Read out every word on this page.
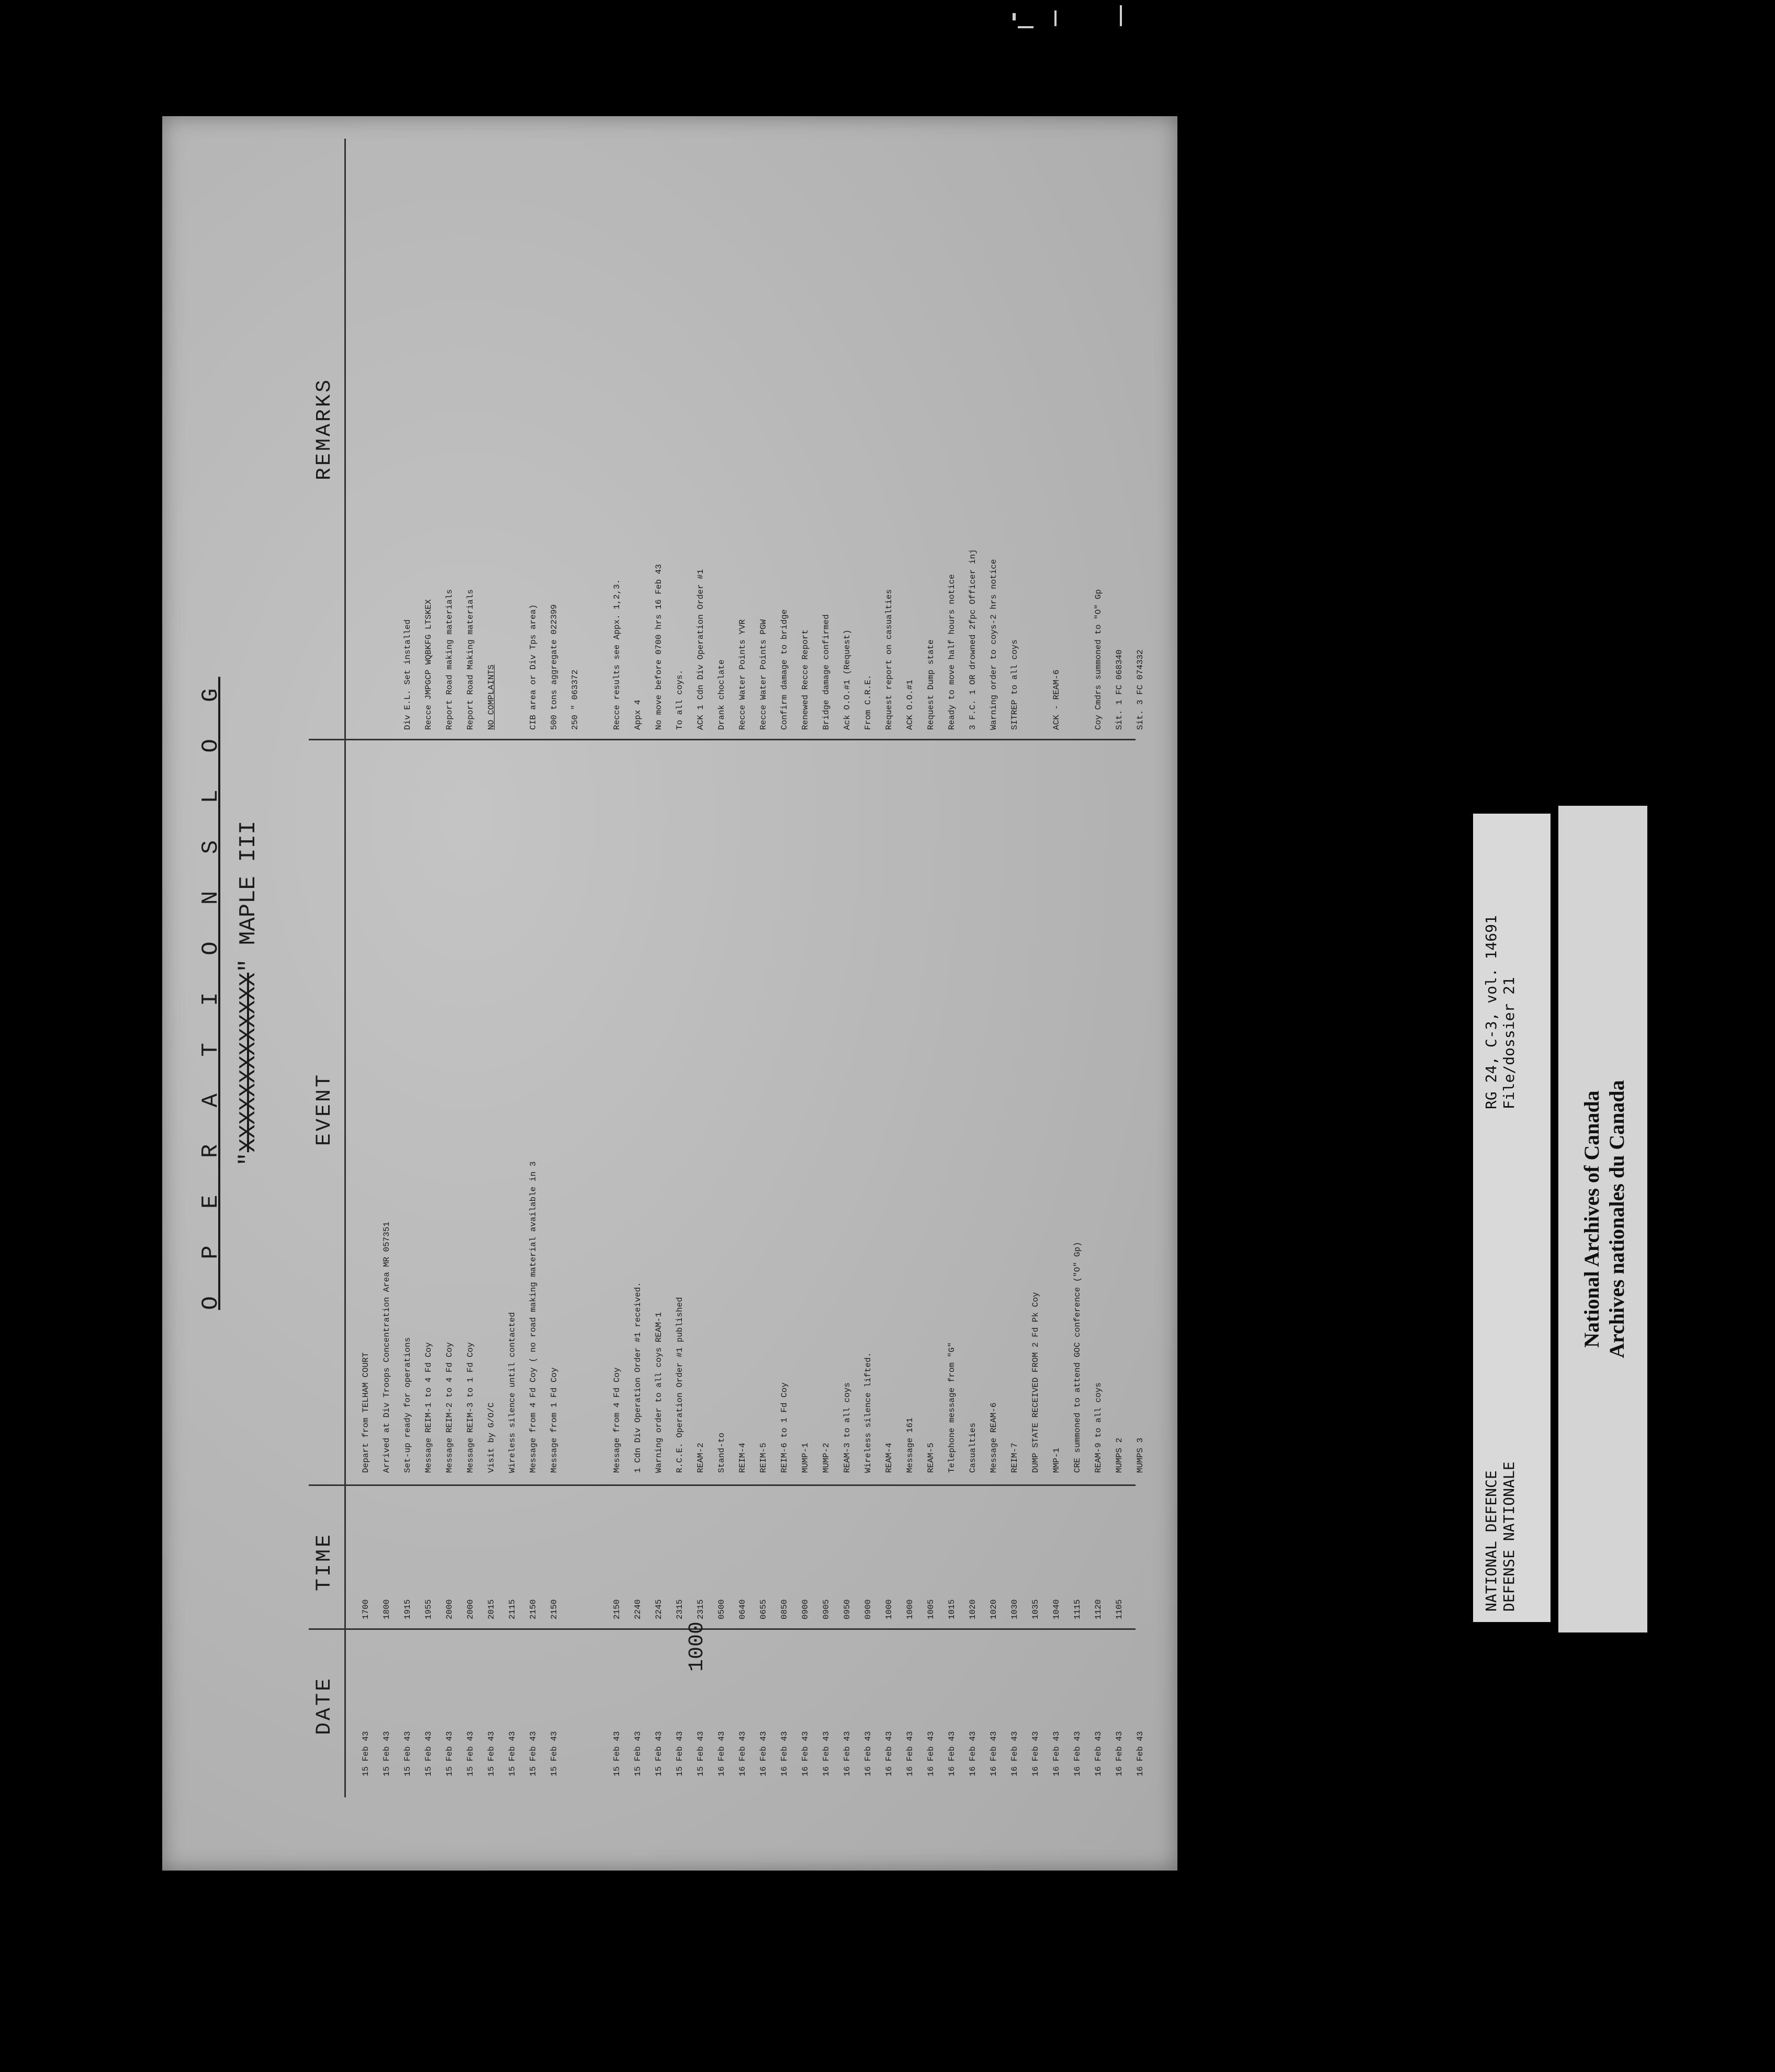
O P E R A T I O N S L O G "XXXXXXXXXXXXX" MAPLE III
DATE
TIME
EVENT
REMARKS
1000
15 Feb 43
1700
Depart from TELHAM COURT
15 Feb 43
1800
Arrived at Div Troops Concentration Area MR 057351
15 Feb 43
1915
Set-up ready for operations
Div E.L. Set installed
15 Feb 43
1955
Message REIM-1 to 4 Fd Coy
Recce JMPGCP WQBKFG LTSKEX
15 Feb 43
2000
Message REIM-2 to 4 Fd Coy
Report Road making materials
15 Feb 43
2000
Message REIM-3 to 1 Fd Coy
Report Road Making materials
15 Feb 43
2015
Visit by G/O/C
NO COMPLAINTS
15 Feb 43
2115
Wireless silence until contacted
15 Feb 43
2150
Message from 4 Fd Coy ( no road making material available in 3
CIB area or Div Tps area)
15 Feb 43
2150
Message from 1 Fd Coy
500 tons aggregate 022399 250 " 063372
15 Feb 43
2150
Message from 4 Fd Coy
Recce results see Appx. 1,2,3.
15 Feb 43
2240
1 Cdn Div Operation Order #1 received.
Appx 4
15 Feb 43
2245
Warning order to all coys REAM-1
No move before 0700 hrs 16 Feb 43
15 Feb 43
2315
R.C.E. Operation Order #1 published
To all coys.
15 Feb 43
2315
REAM-2
ACK 1 Cdn Div Operation Order #1
16 Feb 43
0500
Stand-to
Drank choclate
16 Feb 43
0640
REIM-4
Recce Water Points YVR
16 Feb 43
0655
REIM-5
Recce Water Points PGW
16 Feb 43
0850
REIM-6 to 1 Fd Coy
Confirm damage to bridge
16 Feb 43
0900
MUMP-1
Renewed Recce Report
16 Feb 43
0905
MUMP-2
Bridge damage confirmed
16 Feb 43
0950
REAM-3 to all coys
Ack O.O.#1 (Request)
16 Feb 43
0900
Wireless silence lifted.
From C.R.E.
16 Feb 43
1000
REAM-4
Request report on casualties
16 Feb 43
1000
Message 161
ACK O.O.#1
16 Feb 43
1005
REAM-5
Request Dump state
16 Feb 43
1015
Telephone message from "G"
Ready to move half hours notice
16 Feb 43
1020
Casualties
3 F.C. 1 OR drowned 2fpc Officer inj
16 Feb 43
1020
Message REAM-6
Warning order to coys-2 hrs notice
16 Feb 43
1030
REIM-7
SITREP to all coys
16 Feb 43
1035
DUMP STATE RECEIVED FROM 2 Fd Pk Coy
16 Feb 43
1040
MMP-1
ACK - REAM-6
16 Feb 43
1115
CRE summoned to attend GOC conference ("O" Gp)
16 Feb 43
1120
REAM-9 to all coys
Coy Cmdrs summoned to "O" Gp
16 Feb 43
1105
MUMPS 2
Sit. 1 FC 068340
16 Feb 43
MUMPS 3
Sit. 3 FC 074332
NATIONAL DEFENCE DEFENSE NATIONALE
RG 24, C-3, vol. 14691 File/dossier 21
National Archives of Canada Archives nationales du Canada
